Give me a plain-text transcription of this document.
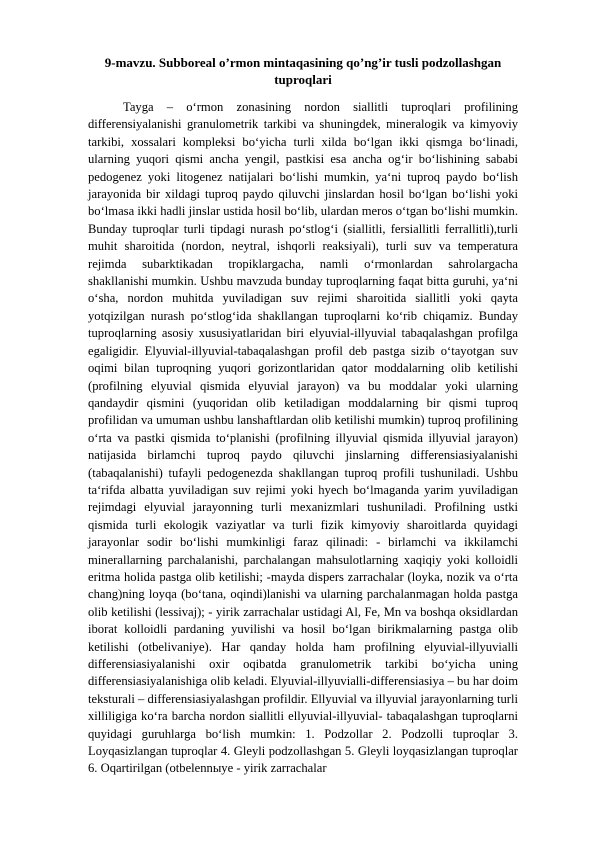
9-mavzu. Subboreal o’rmon mintaqasining qo’ng’ir tusli podzollashgan tuproqlari

Tayga – o‘rmon zonasining nordon siallitli tuproqlari profilining differensiyalanishi granulometrik tarkibi va shuningdek, mineralogik va kimyoviy tarkibi, xossalari kompleksi bo‘yicha turli xilda bo‘lgan ikki qismga bo‘linadi, ularning yuqori qismi ancha yengil, pastkisi esa ancha og‘ir bo‘lishining sababi pedogenez yoki litogenez natijalari bo‘lishi mumkin, ya‘ni tuproq paydo bo‘lish jarayonida bir xildagi tuproq paydo qiluvchi jinslardan hosil bo‘lgan bo‘lishi yoki bo‘lmasa ikki hadli jinslar ustida hosil bo‘lib, ulardan meros o‘tgan bo‘lishi mumkin. Bunday tuproqlar turli tipdagi nurash po‘stlog‘i (siallitli, fersiallitli ferrallitli),turli muhit sharoitida (nordon, neytral, ishqorli reaksiyali), turli suv va temperatura rejimda subarktikadan tropiklargacha, namli o‘rmonlardan sahrolargacha shakllanishi mumkin. Ushbu mavzuda bunday tuproqlarning faqat bitta guruhi, ya‘ni o‘sha, nordon muhitda yuviladigan suv rejimi sharoitida siallitli yoki qayta yotqizilgan nurash po‘stlog‘ida shakllangan tuproqlarni ko‘rib chiqamiz. Bunday tuproqlarning asosiy xususiyatlaridan biri elyuvial-illyuvial tabaqalashgan profilga egaligidir. Elyuvial-illyuvial-tabaqalashgan profil deb pastga sizib o‘tayotgan suv oqimi bilan tuproqning yuqori gorizontlaridan qator moddalarning olib ketilishi (profilning elyuvial qismida elyuvial jarayon) va bu moddalar yoki ularning qandaydir qismini (yuqoridan olib ketiladigan moddalarning bir qismi tuproq profilidan va umuman ushbu lanshaftlardan olib ketilishi mumkin) tuproq profilining o‘rta va pastki qismida to‘planishi (profilning illyuvial qismida illyuvial jarayon) natijasida birlamchi tuproq paydo qiluvchi jinslarning differensiasiyalanishi (tabaqalanishi) tufayli pedogenezda shakllangan tuproq profili tushuniladi. Ushbu ta‘rifda albatta yuviladigan suv rejimi yoki hyech bo‘lmaganda yarim yuviladigan rejimdagi elyuvial jarayonning turli mexanizmlari tushuniladi. Profilning ustki qismida turli ekologik vaziyatlar va turli fizik kimyoviy sharoitlarda quyidagi jarayonlar sodir bo‘lishi mumkinligi faraz qilinadi: - birlamchi va ikkilamchi minerallarning parchalanishi, parchalangan mahsulotlarning xaqiqiy yoki kolloidli eritma holida pastga olib ketilishi; -mayda dispers zarrachalar (loyka, nozik va o‘rta chang)ning loyqa (bo‘tana, oqindi)lanishi va ularning parchalanmagan holda pastga olib ketilishi (lessivaj); - yirik zarrachalar ustidagi Al, Fe, Mn va boshqa oksidlardan iborat kolloidli pardaning yuvilishi va hosil bo‘lgan birikmalarning pastga olib ketilishi (otbelivaniye). Har qanday holda ham profilning elyuvial-illyuvialli differensiasiyalanishi oxir oqibatda granulometrik tarkibi bo‘yicha uning differensiasiyalanishiga olib keladi. Elyuvial-illyuvialli-differensiasiya – bu har doim teksturali – differensiasiyalashgan profildir. Ellyuvial va illyuvial jarayonlarning turli xilliligiga ko‘ra barcha nordon siallitli ellyuvial-illyuvial- tabaqalashgan tuproqlarni quyidagi guruhlarga bo‘lish mumkin: 1. Podzollar 2. Podzolli tuproqlar 3. Loyqasizlangan tuproqlar 4. Gleyli podzollashgan 5. Gleyli loyqasizlangan tuproqlar 6. Oqartirilgan (otbelennыye - yirik zarrachalar
